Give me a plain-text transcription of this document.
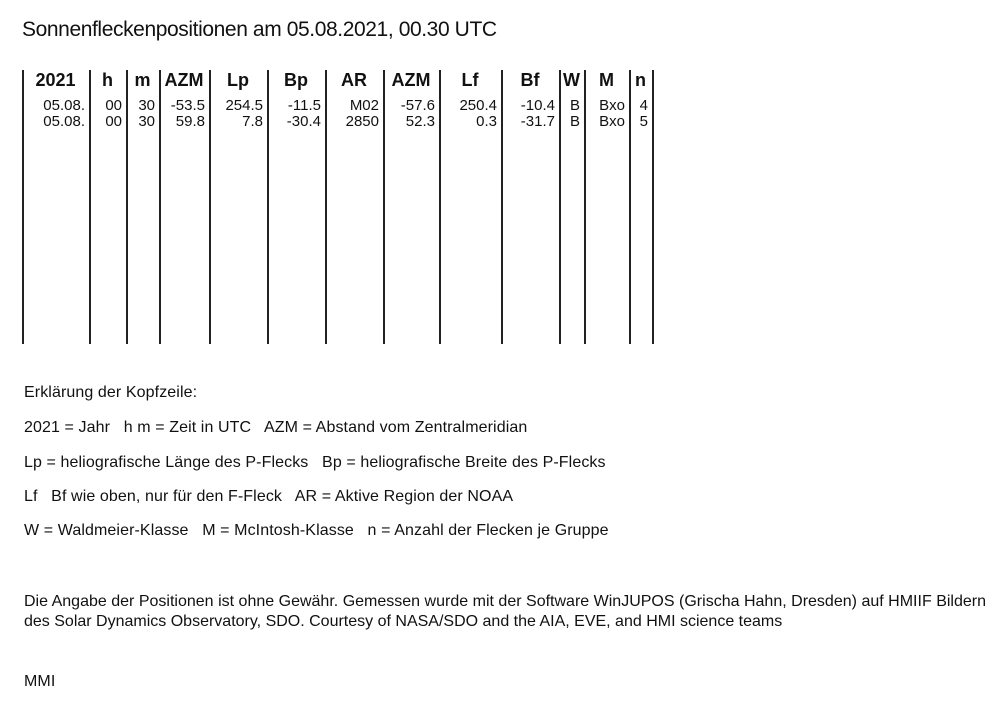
Sonnenfleckenpositionen am 05.08.2021, 00.30 UTC
2021	h	m	AZM	Lp	Bp	AR	AZM	Lf	Bf	W	M	n
05.08.	00	30	-53.5	254.5	-11.5	M02	-57.6	250.4	-10.4	B	Bxo	4
05.08.	00	30	59.8	7.8	-30.4	2850	52.3	0.3	-31.7	B	Bxo	5

Erklärung der Kopfzeile:
2021 = Jahr   h m = Zeit in UTC   AZM = Abstand vom Zentralmeridian
Lp = heliografische Länge des P-Flecks   Bp = heliografische Breite des P-Flecks
Lf   Bf wie oben, nur für den F-Fleck   AR = Aktive Region der NOAA
W = Waldmeier-Klasse   M = McIntosh-Klasse   n = Anzahl der Flecken je Gruppe
Die Angabe der Positionen ist ohne Gewähr. Gemessen wurde mit der Software WinJUPOS (Grischa Hahn, Dresden) auf HMIIF Bildern des Solar Dynamics Observatory, SDO. Courtesy of NASA/SDO and the AIA, EVE, and HMI science teams
MMI
